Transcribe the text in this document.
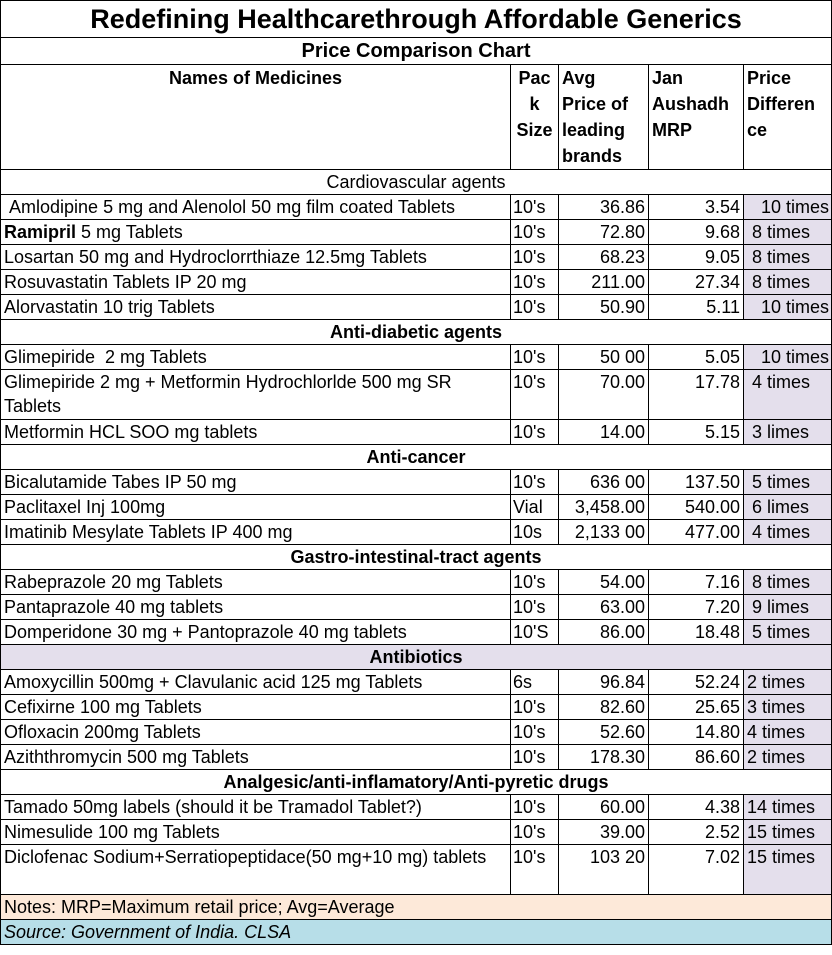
Redefining Healthcarethrough Affordable Generics				
Price Comparison Chart				
Names of Medicines	Pac
k
Size	Avg
Price of
leading
brands	Jan
Aushadh
MRP	Price
Differen
ce
Cardiovascular agents				
Amlodipine 5 mg and Alenolol 50 mg film coated Tablets	10's	36.86	3.54	10 times
Ramipril 5 mg Tablets	10's	72.80	9.68	8 times
Losartan 50 mg and Hydroclorrthiaze 12.5mg Tablets	10's	68.23	9.05	8 times
Rosuvastatin Tablets IP 20 mg	10's	211.00	27.34	8 times
Alorvastatin 10 trig Tablets	10's	50.90	5.11	10 times
Anti-diabetic agents				
Glimepiride  2 mg Tablets	10's	50 00	5.05	10 times
Glimepiride 2 mg + Metformin Hydrochlorlde 500 mg SR Tablets	10's	70.00	17.78	4 times
Metformin HCL SOO mg tablets	10's	14.00	5.15	3 limes
Anti-cancer				
Bicalutamide Tabes IP 50 mg	10's	636 00	137.50	5 times
Paclitaxel Inj 100mg	Vial	3,458.00	540.00	6 limes
Imatinib Mesylate Tablets IP 400 mg	10s	2,133 00	477.00	4 times
Gastro-intestinal-tract agents				
Rabeprazole 20 mg Tablets	10's	54.00	7.16	8 times
Pantaprazole 40 mg tablets	10's	63.00	7.20	9 limes
Domperidone 30 mg + Pantoprazole 40 mg tablets	10'S	86.00	18.48	5 times
Antibiotics				
Amoxycillin 500mg + Clavulanic acid 125 mg Tablets	6s	96.84	52.24	2 times
Cefixirne 100 mg Tablets	10's	82.60	25.65	3 times
Ofloxacin 200mg Tablets	10's	52.60	14.80	4 times
Aziththromycin 500 mg Tablets	10's	178.30	86.60	2 times
Analgesic/anti-inflamatory/Anti-pyretic drugs				
Tamado 50mg labels (should it be Tramadol Tablet?)	10's	60.00	4.38	14 times
Nimesulide 100 mg Tablets	10's	39.00	2.52	15 times
Diclofenac Sodium+Serratiopeptidace(50 mg+10 mg) tablets	10's	103 20	7.02	15 times
Notes: MRP=Maximum retail price; Avg=Average				
Source: Government of India. CLSA				
